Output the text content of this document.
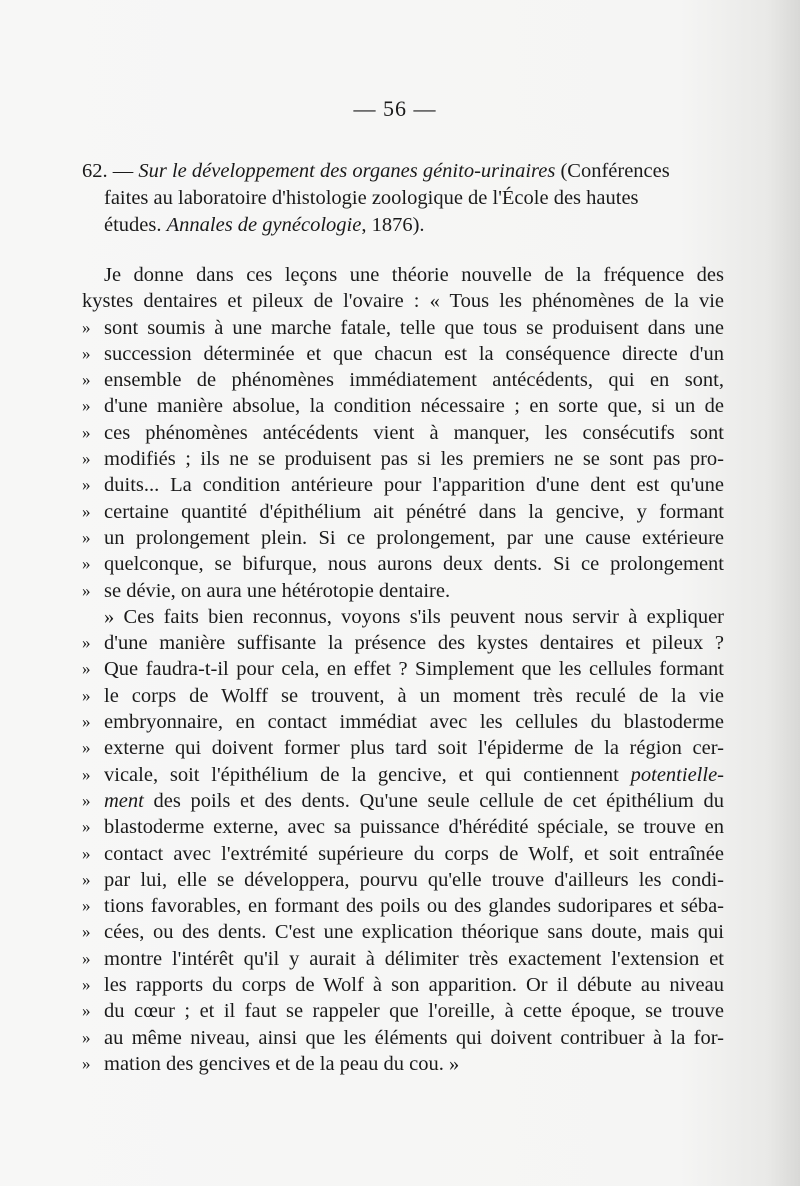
— 56 —
62. — Sur le développement des organes génito-urinaires (Conférences
faites au laboratoire d'histologie zoologique de l'École des hautes
études. Annales de gynécologie, 1876).
Je donne dans ces leçons une théorie nouvelle de la fréquence des
kystes dentaires et pileux de l'ovaire : « Tous les phénomènes de la vie
» sont soumis à une marche fatale, telle que tous se produisent dans une
» succession déterminée et que chacun est la conséquence directe d'un
» ensemble de phénomènes immédiatement antécédents, qui en sont,
» d'une manière absolue, la condition nécessaire ; en sorte que, si un de
» ces phénomènes antécédents vient à manquer, les consécutifs sont
» modifiés ; ils ne se produisent pas si les premiers ne se sont pas pro-
» duits... La condition antérieure pour l'apparition d'une dent est qu'une
» certaine quantité d'épithélium ait pénétré dans la gencive, y formant
» un prolongement plein. Si ce prolongement, par une cause extérieure
» quelconque, se bifurque, nous aurons deux dents. Si ce prolongement
» se dévie, on aura une hétérotopie dentaire.
» Ces faits bien reconnus, voyons s'ils peuvent nous servir à expliquer
» d'une manière suffisante la présence des kystes dentaires et pileux ?
» Que faudra-t-il pour cela, en effet ? Simplement que les cellules formant
» le corps de Wolff se trouvent, à un moment très reculé de la vie
» embryonnaire, en contact immédiat avec les cellules du blastoderme
» externe qui doivent former plus tard soit l'épiderme de la région cer-
» vicale, soit l'épithélium de la gencive, et qui contiennent potentielle-
» ment des poils et des dents. Qu'une seule cellule de cet épithélium du
» blastoderme externe, avec sa puissance d'hérédité spéciale, se trouve en
» contact avec l'extrémité supérieure du corps de Wolf, et soit entraînée
» par lui, elle se développera, pourvu qu'elle trouve d'ailleurs les condi-
» tions favorables, en formant des poils ou des glandes sudoripares et séba-
» cées, ou des dents. C'est une explication théorique sans doute, mais qui
» montre l'intérêt qu'il y aurait à délimiter très exactement l'extension et
» les rapports du corps de Wolf à son apparition. Or il débute au niveau
» du cœur ; et il faut se rappeler que l'oreille, à cette époque, se trouve
» au même niveau, ainsi que les éléments qui doivent contribuer à la for-
» mation des gencives et de la peau du cou. »
